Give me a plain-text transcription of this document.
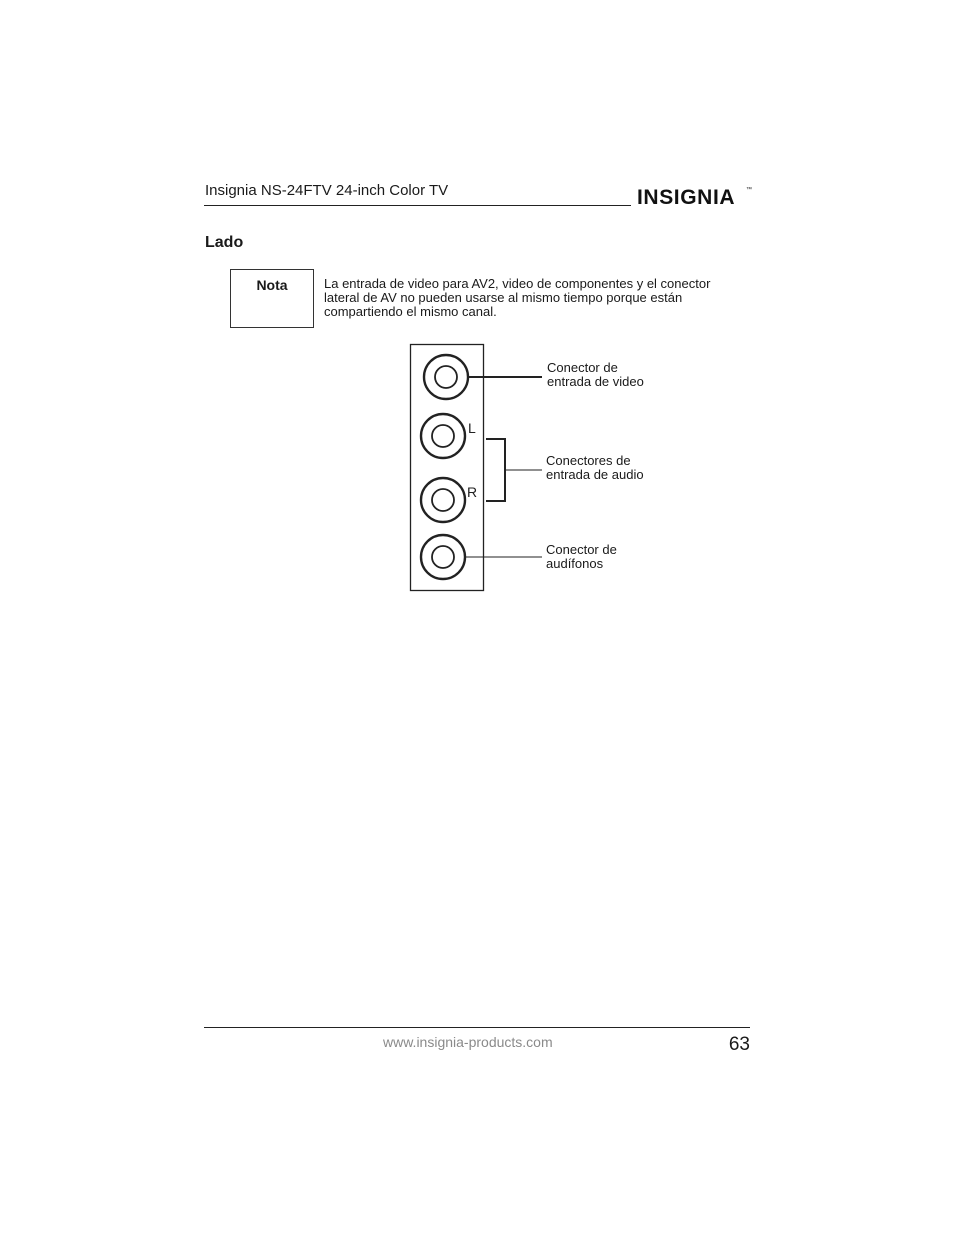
Insignia NS-24FTV 24-inch Color TV	INSIGNIA ™
Lado
Nota	La entrada de video para AV2, video de componentes y el conector
lateral de AV no pueden usarse al mismo tiempo porque están
compartiendo el mismo canal.
L
R
Conector de
entrada de video
Conectores de
entrada de audio
Conector de
audífonos
www.insignia-products.com	63
